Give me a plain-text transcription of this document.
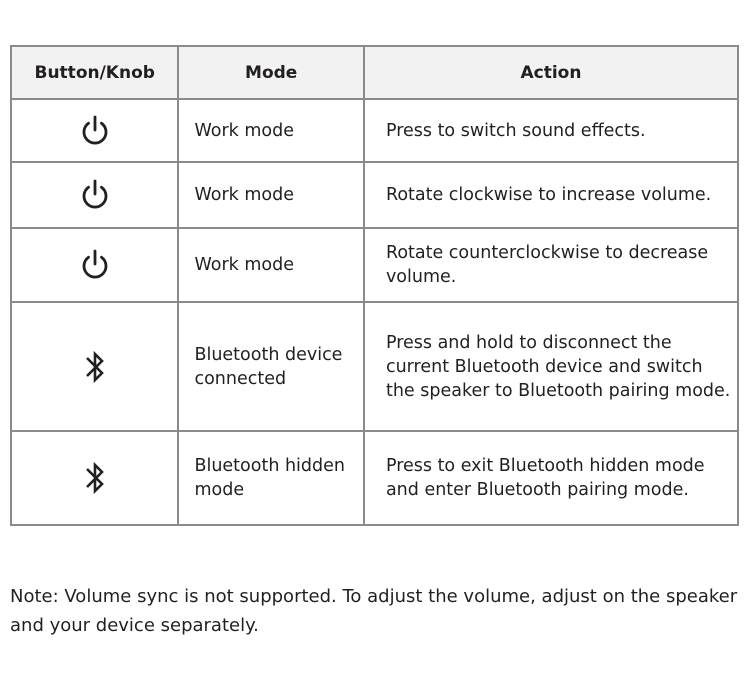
Button/Knob	Mode	Action
	Work mode	Press to switch sound effects.
	Work mode	Rotate clockwise to increase volume.
	Work mode	Rotate counterclockwise to decrease volume.
	Bluetooth device connected	Press and hold to disconnect the current Bluetooth device and switch the speaker to Bluetooth pairing mode.
	Bluetooth hidden mode	Press to exit Bluetooth hidden mode and enter Bluetooth pairing mode.
Note: Volume sync is not supported. To adjust the volume, adjust on the speaker and your device separately.
